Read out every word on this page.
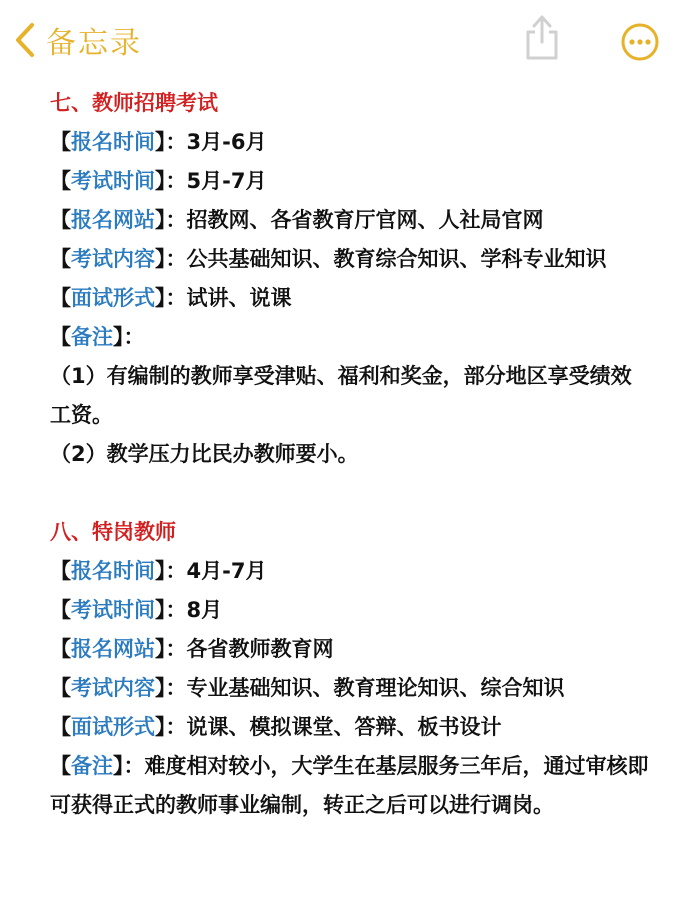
备忘录
七、教师招聘考试
【报名时间】：3月-6月
【考试时间】：5月-7月
【报名网站】：招教网、各省教育厅官网、人社局官网
【考试内容】：公共基础知识、教育综合知识、学科专业知识
【面试形式】：试讲、说课
【备注】：
（1）有编制的教师享受津贴、福利和奖金，部分地区享受绩效工资。
（2）教学压力比民办教师要小。
八、特岗教师
【报名时间】：4月-7月
【考试时间】：8月
【报名网站】：各省教师教育网
【考试内容】：专业基础知识、教育理论知识、综合知识
【面试形式】：说课、模拟课堂、答辩、板书设计
【备注】：难度相对较小，大学生在基层服务三年后，通过审核即可获得正式的教师事业编制，转正之后可以进行调岗。
